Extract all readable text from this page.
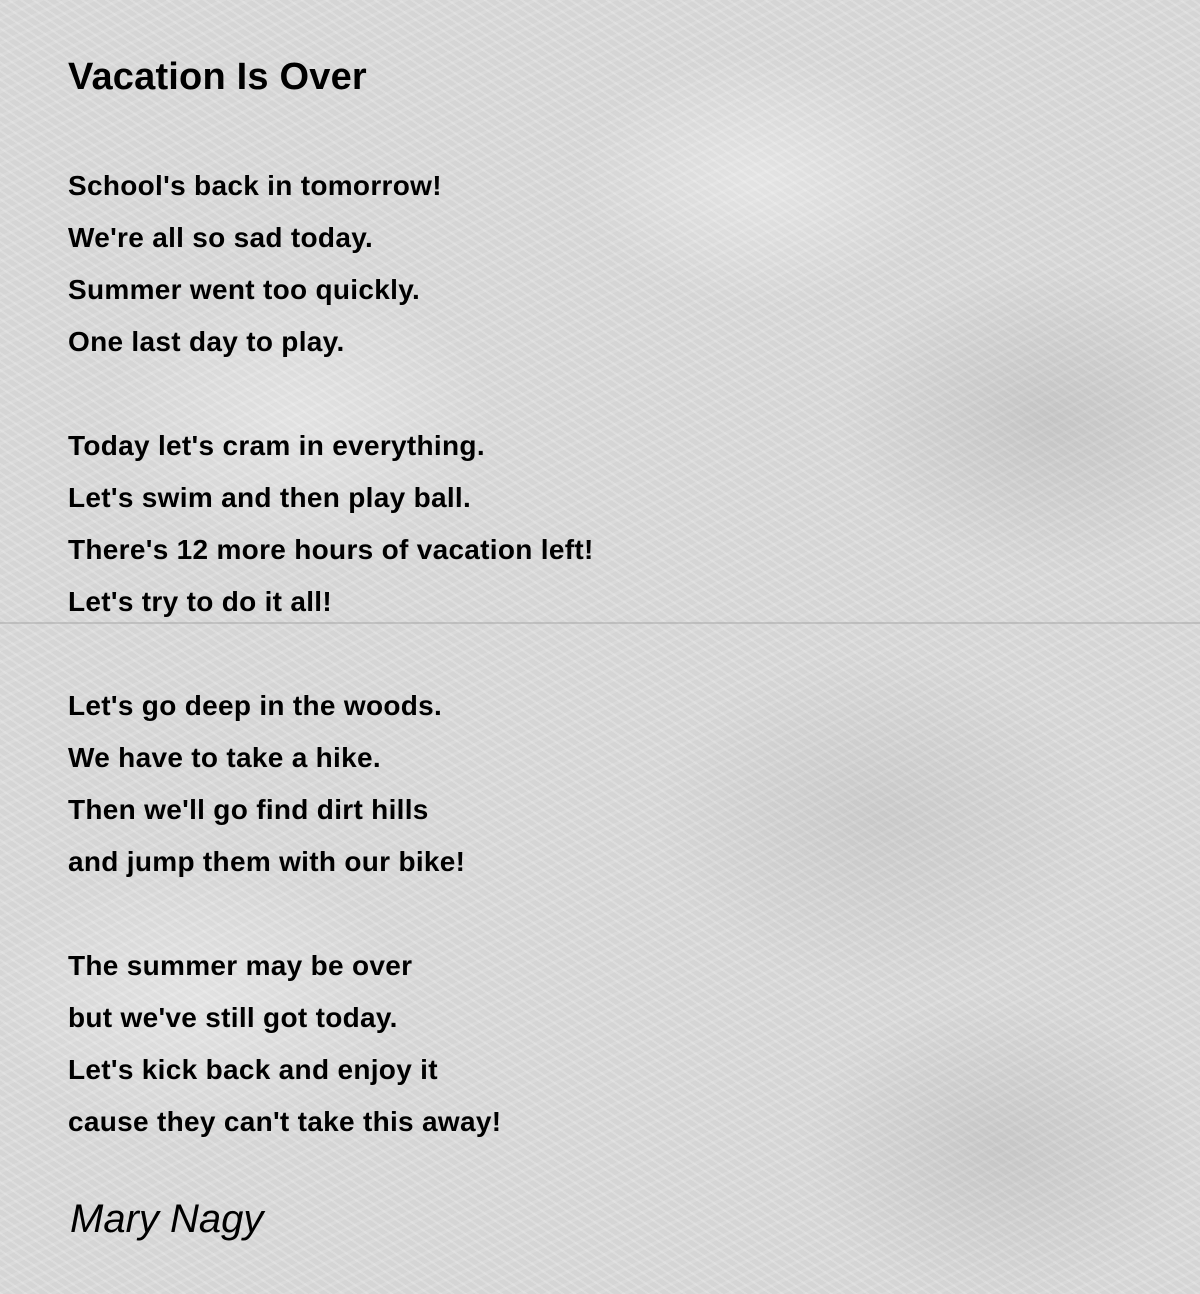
Vacation Is Over
School's back in tomorrow!
We're all so sad today.
Summer went too quickly.
One last day to play.
Today let's cram in everything.
Let's swim and then play ball.
There's 12 more hours of vacation left!
Let's try to do it all!
Let's go deep in the woods.
We have to take a hike.
Then we'll go find dirt hills
and jump them with our bike!
The summer may be over
but we've still got today.
Let's kick back and enjoy it
cause they can't take this away!
Mary Nagy
